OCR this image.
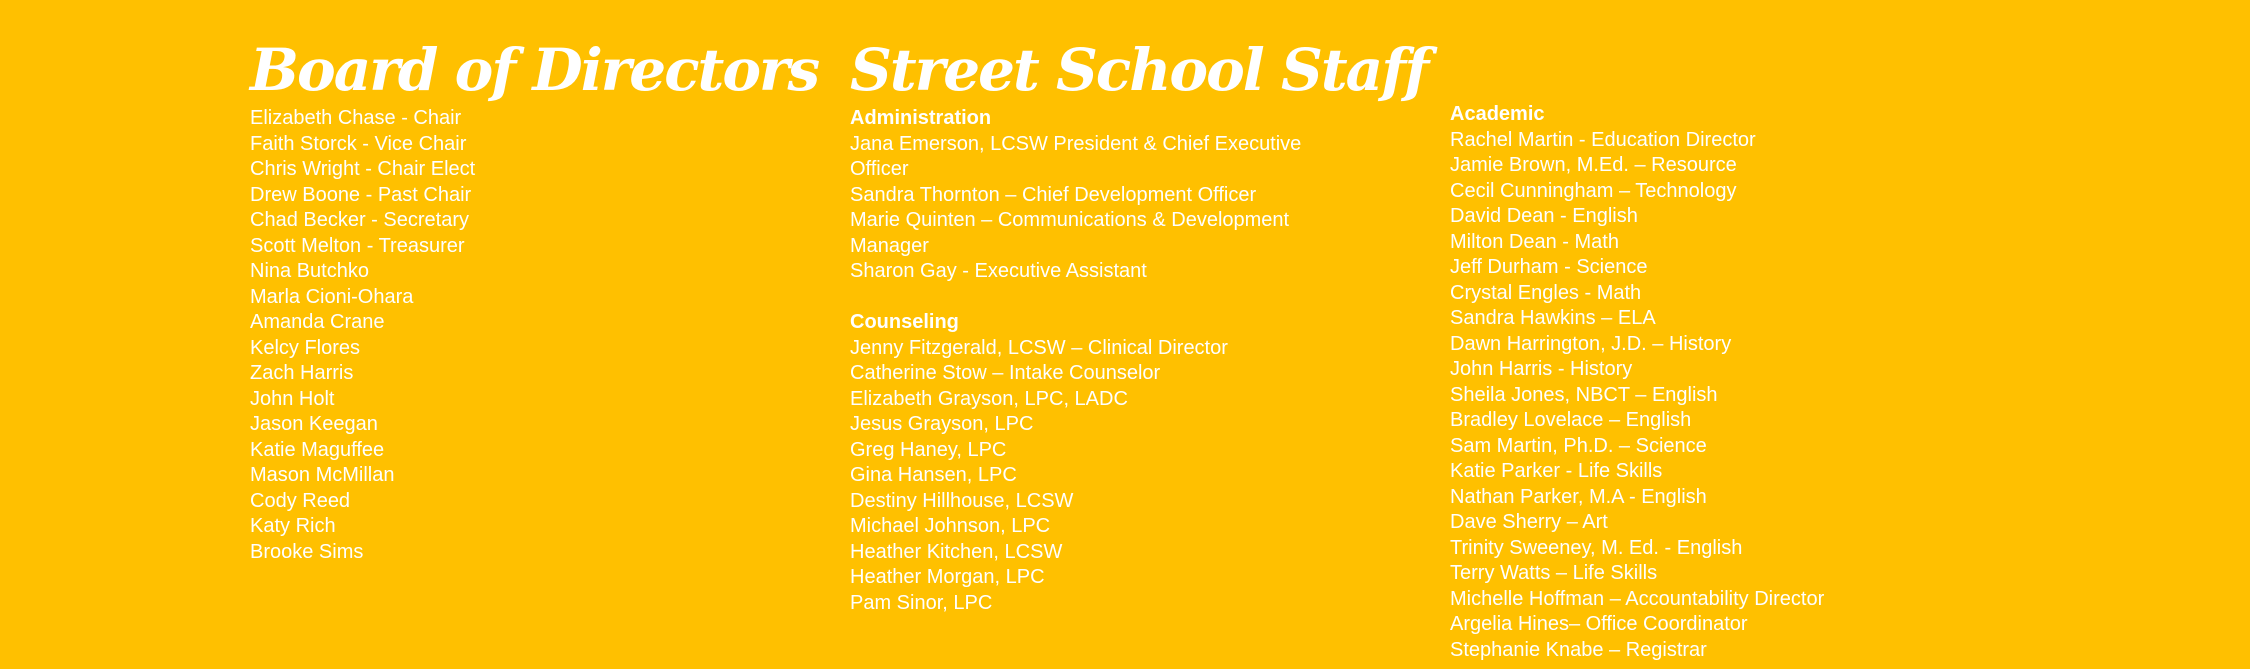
Board of Directors
Elizabeth Chase - Chair
Faith Storck - Vice Chair
Chris Wright - Chair Elect
Drew Boone - Past Chair
Chad Becker - Secretary
Scott Melton - Treasurer
Nina Butchko
Marla Cioni-Ohara
Amanda Crane
Kelcy Flores
Zach Harris
John Holt
Jason Keegan
Katie Maguffee
Mason McMillan
Cody Reed
Katy Rich
Brooke Sims
Street School Staff
Administration
Jana Emerson, LCSW President & Chief Executive Officer
Sandra Thornton – Chief Development Officer
Marie Quinten – Communications & Development Manager
Sharon Gay - Executive Assistant
Counseling
Jenny Fitzgerald, LCSW – Clinical Director
Catherine Stow – Intake Counselor
Elizabeth Grayson, LPC, LADC
Jesus Grayson, LPC
Greg Haney, LPC
Gina Hansen, LPC
Destiny Hillhouse, LCSW
Michael Johnson, LPC
Heather Kitchen, LCSW
Heather Morgan, LPC
Pam Sinor, LPC
Academic
Rachel Martin - Education Director
Jamie Brown, M.Ed. – Resource
Cecil Cunningham – Technology
David Dean - English
Milton Dean - Math
Jeff Durham - Science
Crystal Engles - Math
Sandra Hawkins – ELA
Dawn Harrington, J.D. – History
John Harris - History
Sheila Jones, NBCT – English
Bradley Lovelace – English
Sam Martin, Ph.D. – Science
Katie Parker - Life Skills
Nathan Parker, M.A - English
Dave Sherry – Art
Trinity Sweeney, M. Ed. - English
Terry Watts – Life Skills
Michelle Hoffman – Accountability Director
Argelia Hines– Office Coordinator
Stephanie Knabe – Registrar
